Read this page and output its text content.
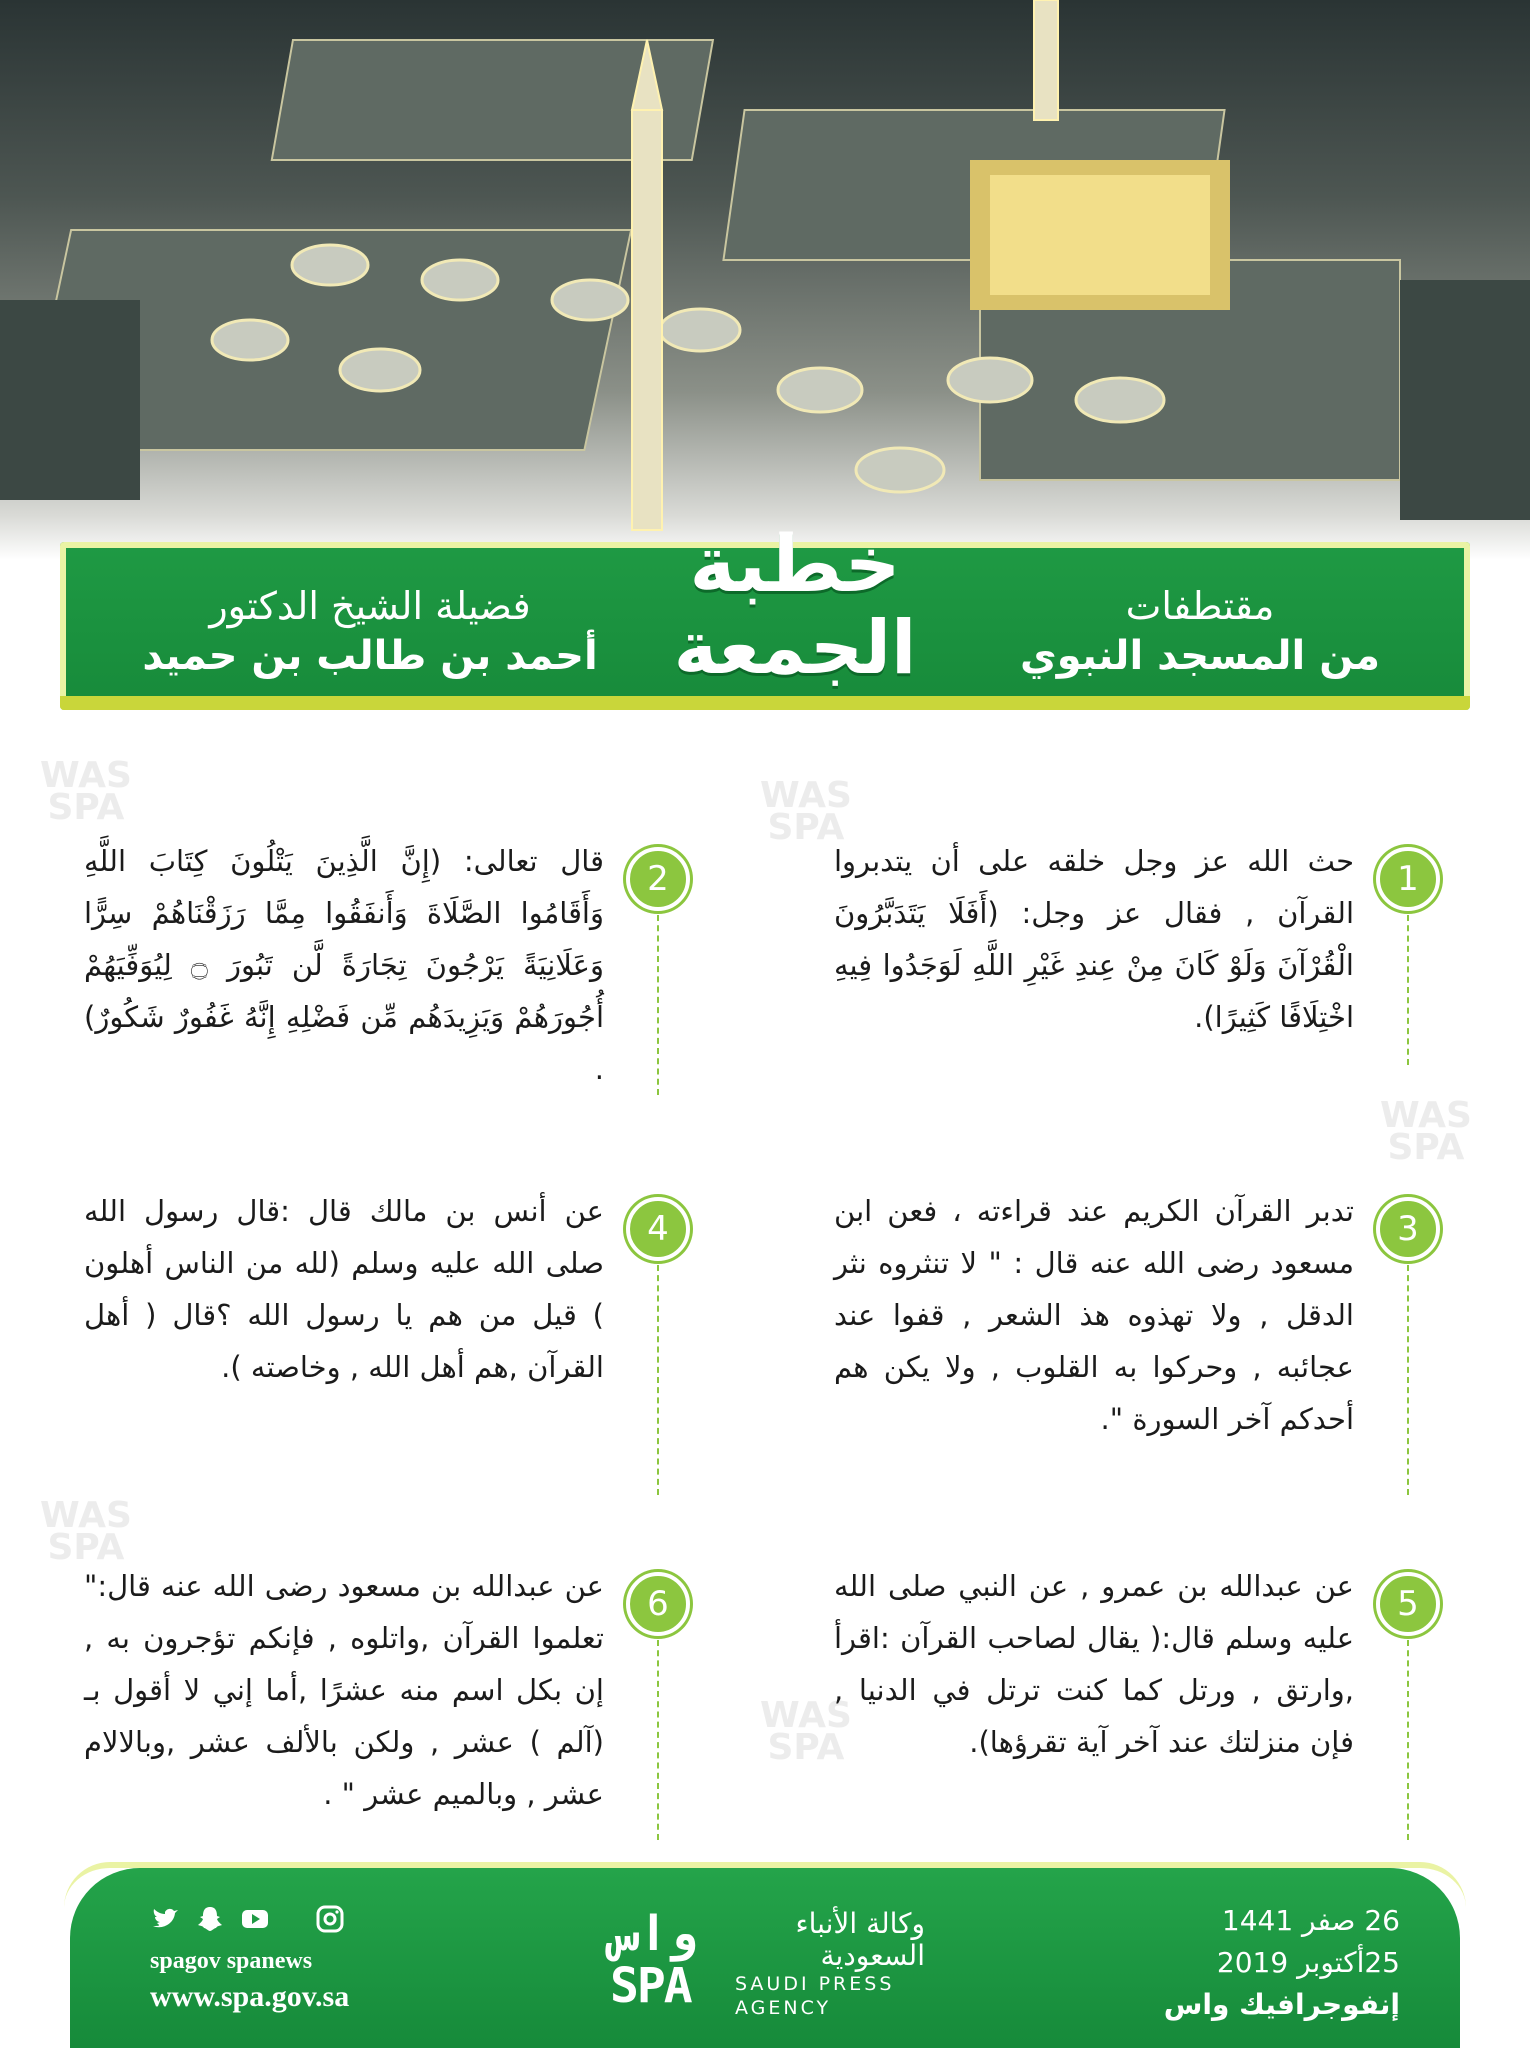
فضيلة الشيخ الدكتور
أحمد بن طالب بن حميد
خطبة
الجمعة	مقتطفات
من المسجد النبوي
WAS
SPA	WAS
SPA
WAS
SPA
WAS
SPA
WAS
SPA
1
حث الله عز وجل خلقه على أن يتدبروا القرآن , فقال عز وجل: (أَفَلَا يَتَدَبَّرُونَ الْقُرْآنَ وَلَوْ كَانَ مِنْ عِندِ غَيْرِ اللَّهِ لَوَجَدُوا فِيهِ اخْتِلَافًا كَثِيرًا).
2
قال تعالى: (إِنَّ الَّذِينَ يَتْلُونَ كِتَابَ اللَّهِ وَأَقَامُوا الصَّلَاةَ وَأَنفَقُوا مِمَّا رَزَقْنَاهُمْ سِرًّا وَعَلَانِيَةً يَرْجُونَ تِجَارَةً لَّن تَبُورَ ۝ لِيُوَفِّيَهُمْ أُجُورَهُمْ وَيَزِيدَهُم مِّن فَضْلِهِ إِنَّهُ غَفُورٌ شَكُورٌ) .
3
تدبر القرآن الكريم عند قراءته ، فعن ابن مسعود رضى الله عنه قال : " لا تنثروه نثر الدقل , ولا تهذوه هذ الشعر , قفوا عند عجائبه , وحركوا به القلوب , ولا يكن هم أحدكم آخر السورة ".
4
عن أنس بن مالك قال :قال رسول الله صلى الله عليه وسلم (لله من الناس أهلون ) قيل من هم يا رسول الله ؟قال ( أهل القرآن ,هم أهل الله , وخاصته ).
5
عن عبدالله بن عمرو , عن النبي صلى الله عليه وسلم قال:( يقال لصاحب القرآن :اقرأ ,وارتق , ورتل كما كنت ترتل في الدنيا , فإن منزلتك عند آخر آية تقرؤها).
6
عن عبدالله بن مسعود رضى الله عنه قال:" تعلموا القرآن ,واتلوه , فإنكم تؤجرون به , إن بكل اسم منه عشرًا ,أما إني لا أقول بـ (آلم ) عشر , ولكن بالألف عشر ,وبالالام عشر , وبالميم عشر " .

spagov spanews
www.spa.gov.sa
واس
SPA
وكالة الأنباء
السعودية
SAUDI PRESS
AGENCY
26 صفر 1441
25أكتوبر 2019
إنفوجرافيك واس
